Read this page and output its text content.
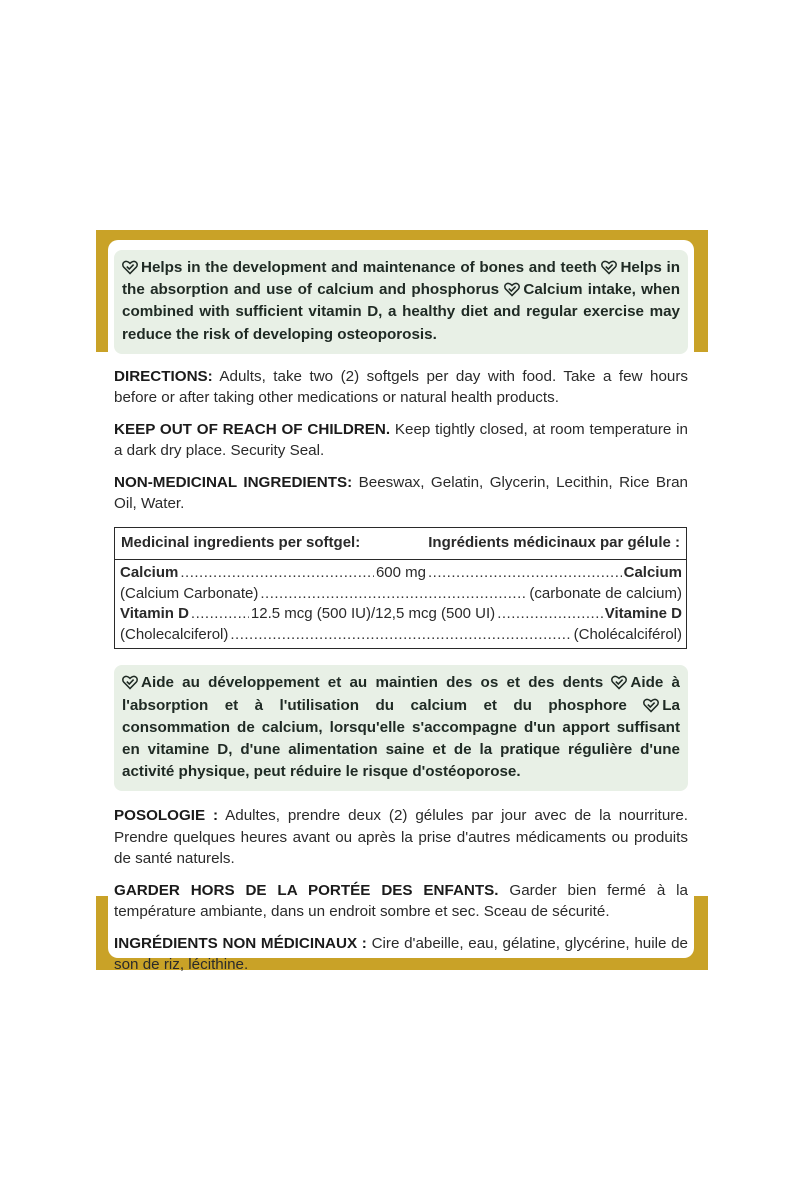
Helps in the development and maintenance of bones and teeth Helps in the absorption and use of calcium and phosphorus Calcium intake, when combined with sufficient vitamin D, a healthy diet and regular exercise may reduce the risk of developing osteoporosis.

DIRECTIONS: Adults, take two (2) softgels per day with food. Take a few hours before or after taking other medications or natural health products.

KEEP OUT OF REACH OF CHILDREN. Keep tightly closed, at room temperature in a dark dry place. Security Seal.

NON-MEDICINAL INGREDIENTS: Beeswax, Gelatin, Glycerin, Lecithin, Rice Bran Oil, Water.

Medicinal ingredients per softgel:	Ingrédients médicinaux par gélule :
Calcium .....	600 mg .....	Calcium
(Calcium Carbonate) .....	(carbonate de calcium)
Vitamin D .....	12.5 mcg (500 IU)/12,5 mcg (500 UI) .....	Vitamine D
(Cholecalciferol) .....	(Cholécalciférol)
Aide au développement et au maintien des os et des dents Aide à l'absorption et à l'utilisation du calcium et du phosphore La consommation de calcium, lorsqu'elle s'accompagne d'un apport suffisant en vitamine D, d'une alimentation saine et de la pratique régulière d'une activité physique, peut réduire le risque d'ostéoporose.

POSOLOGIE : Adultes, prendre deux (2) gélules par jour avec de la nourriture. Prendre quelques heures avant ou après la prise d'autres médicaments ou produits de santé naturels.

GARDER HORS DE LA PORTÉE DES ENFANTS. Garder bien fermé à la température ambiante, dans un endroit sombre et sec. Sceau de sécurité.

INGRÉDIENTS NON MÉDICINAUX : Cire d'abeille, eau, gélatine, glycérine, huile de son de riz, lécithine.
